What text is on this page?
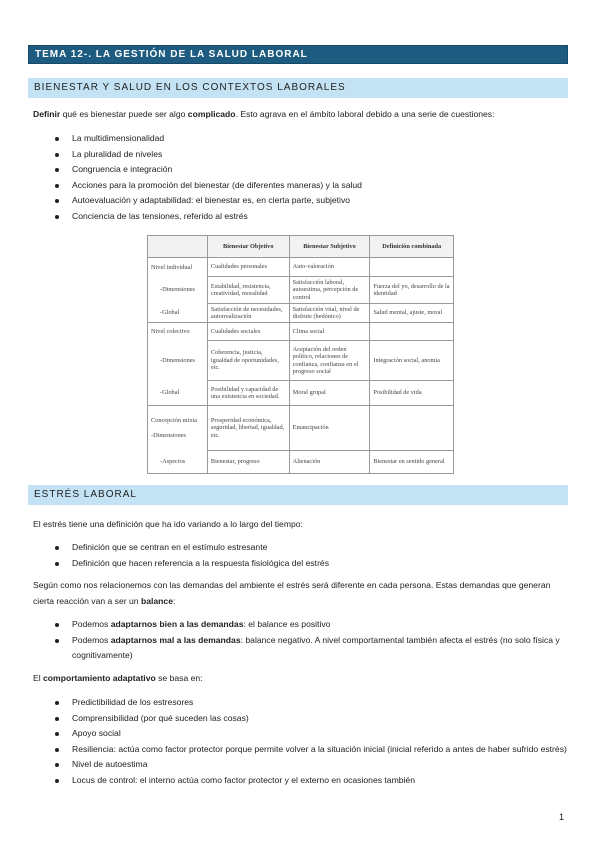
TEMA 12-. LA GESTIÓN DE LA SALUD LABORAL
BIENESTAR Y SALUD EN LOS CONTEXTOS LABORALES
Definir qué es bienestar puede ser algo complicado. Esto agrava en el ámbito laboral debido a una serie de cuestiones:
La multidimensionalidad
La pluralidad de niveles
Congruencia e integración
Acciones para la promoción del bienestar (de diferentes maneras) y la salud
Autoevaluación y adaptabilidad: el bienestar es, en cierta parte, subjetivo
Conciencia de las tensiones, referido al estrés
	Bienestar Objetivo	Bienestar Subjetivo	Definición combinada
Nivel individual	Cualidades personales	Auto-valoración	
-Dimensiones	Estabilidad, resistencia, creatividad, moralidad	Satisfacción laboral, autoestima, percepción de control	Fuerza del yo, desarrollo de la identidad
-Global	Satisfacción de necesidades, autorrealización	Satisfacción vital, nivel de disfrute (hedónico)	Salud mental, ajuste, moral
Nivel colectivo	Cualidades sociales	Clima social	
-Dimensiones	Coherencia, justicia, igualdad de oportunidades, etc.	Aceptación del orden político, relaciones de confianza, confianza en el progreso social	Integración social, anomia
-Global	Posibilidad y capacidad de una existencia en sociedad.	Moral grupal	Posibilidad de vida
Concepción mixta

-Dimensiones	Prosperidad económica, seguridad, libertad, igualdad, etc.	Emancipación	
-Aspectos	Bienestar, progreso	Alienación	Bienestar en sentido general
ESTRÉS LABORAL
El estrés tiene una definición que ha ido variando a lo largo del tiempo:
Definición que se centran en el estímulo estresante
Definición que hacen referencia a la respuesta fisiológica del estrés
Según como nos relacionemos con las demandas del ambiente el estrés será diferente en cada persona. Estas demandas que generan cierta reacción van a ser un balance:
Podemos adaptarnos bien a las demandas: el balance es positivo
Podemos adaptarnos mal a las demandas: balance negativo. A nivel comportamental también afecta el estrés (no solo física y cognitivamente)
El comportamiento adaptativo se basa en:
Predictibilidad de los estresores
Comprensibilidad (por qué suceden las cosas)
Apoyo social
Resiliencia: actúa como factor protector porque permite volver a la situación inicial (inicial referido a antes de haber sufrido estrés)
Nivel de autoestima
Locus de control: el interno actúa como factor protector y el externo en ocasiones también
1
